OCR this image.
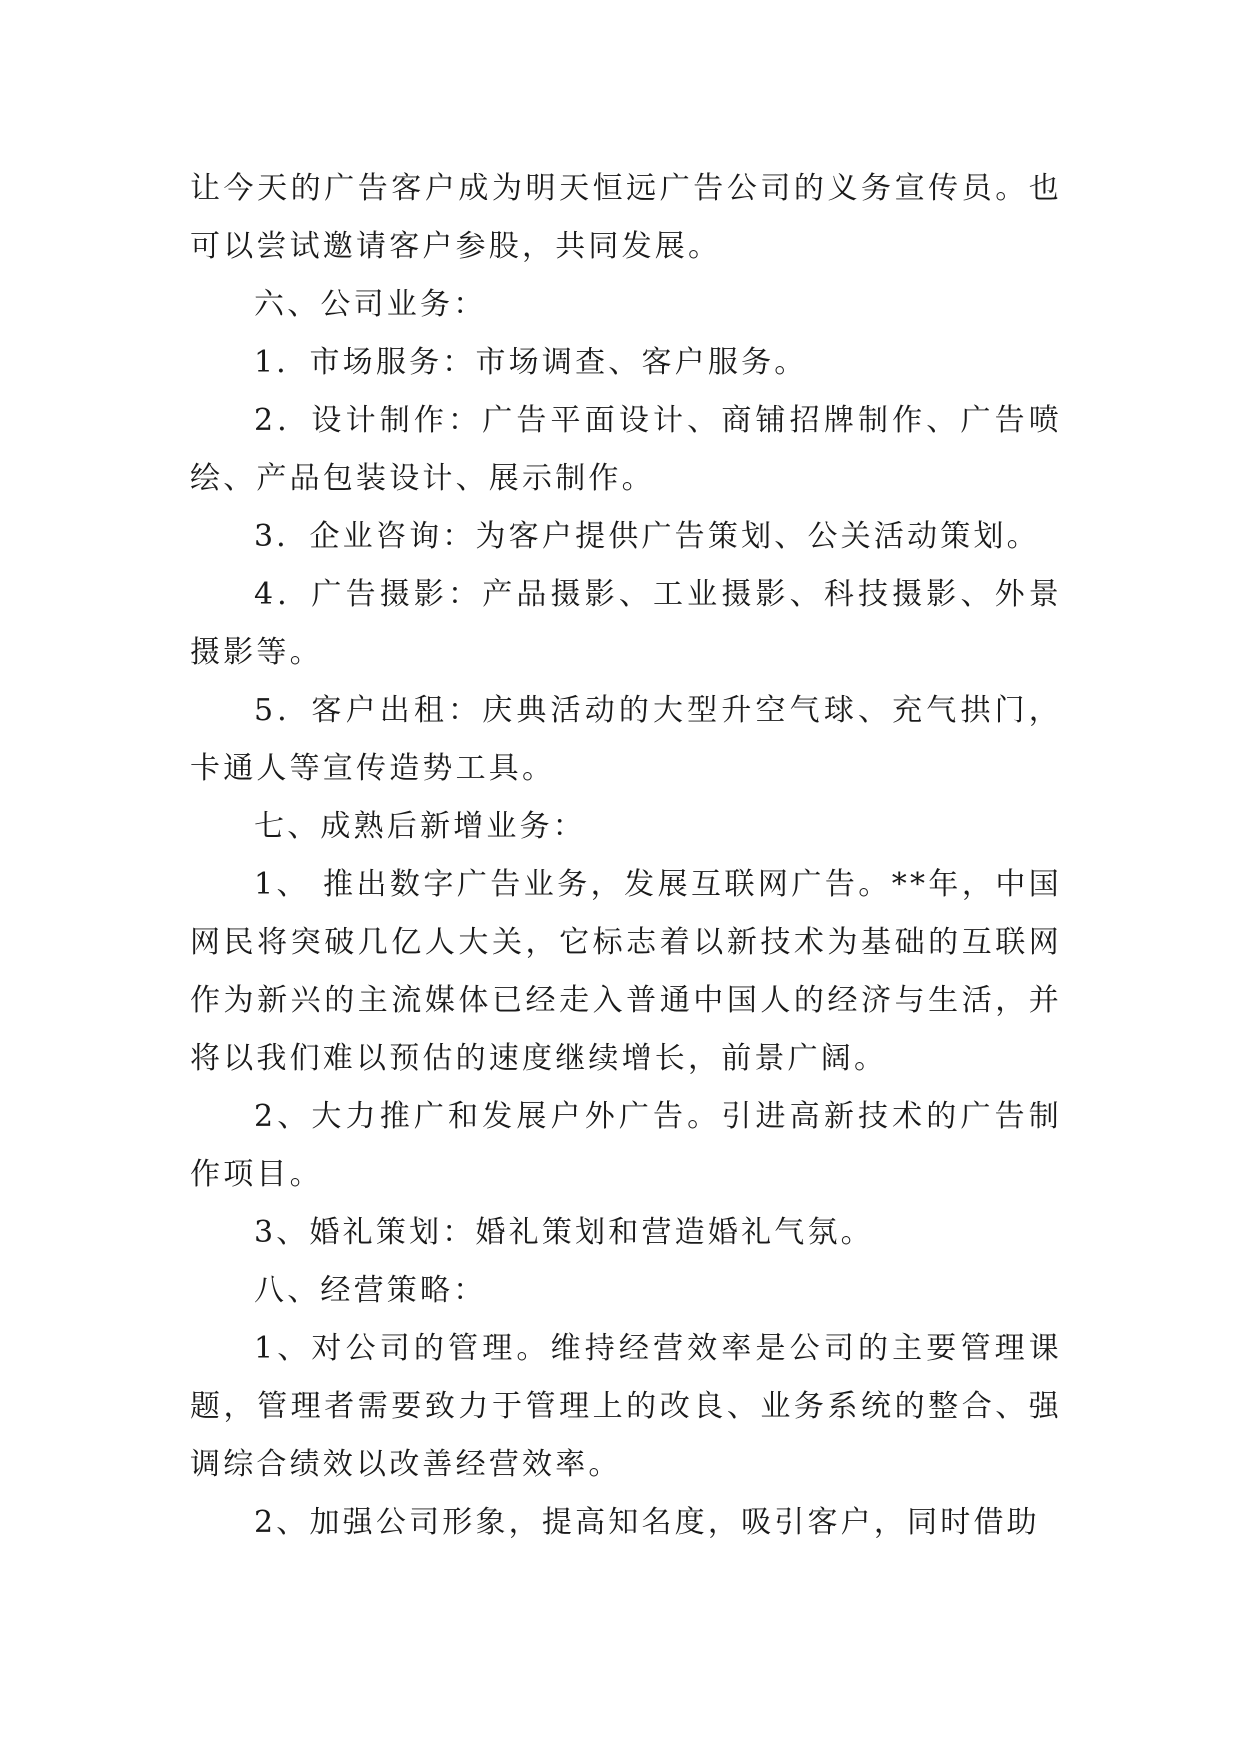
让今天的广告客户成为明天恒远广告公司的义务宣传员。也可以尝试邀请客户参股，共同发展。

六、公司业务：

1．市场服务：市场调查、客户服务。

2．设计制作：广告平面设计、商铺招牌制作、广告喷绘、产品包装设计、展示制作。

3．企业咨询：为客户提供广告策划、公关活动策划。

4．广告摄影：产品摄影、工业摄影、科技摄影、外景摄影等。

5．客户出租：庆典活动的大型升空气球、充气拱门，卡通人等宣传造势工具。

七、成熟后新增业务：

1、 推出数字广告业务，发展互联网广告。**年，中国网民将突破几亿人大关，它标志着以新技术为基础的互联网作为新兴的主流媒体已经走入普通中国人的经济与生活，并将以我们难以预估的速度继续增长，前景广阔。

2、大力推广和发展户外广告。引进高新技术的广告制作项目。

3、婚礼策划：婚礼策划和营造婚礼气氛。

八、经营策略：

1、对公司的管理。维持经营效率是公司的主要管理课题，管理者需要致力于管理上的改良、业务系统的整合、强调综合绩效以改善经营效率。

2、加强公司形象，提高知名度，吸引客户，同时借助
